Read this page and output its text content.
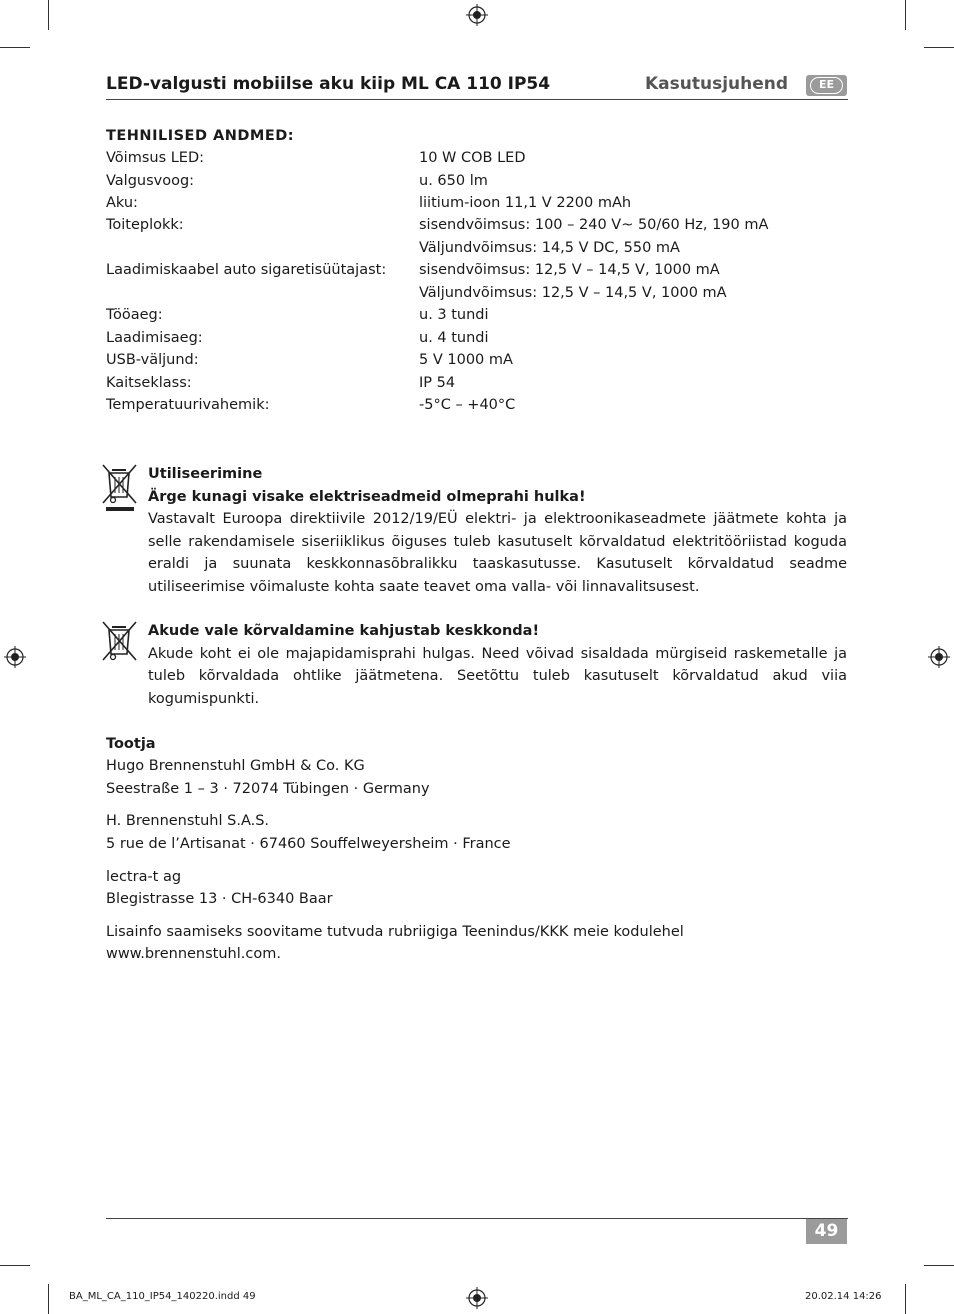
LED-valgusti mobiilse aku kiip ML CA 110 IP54	Kasutusjuhend	EE
TEHNILISED ANDMED:
Võimsus LED:	10 W COB LED
Valgusvoog:	u. 650 lm
Aku:	liitium-ioon 11,1 V 2200 mAh
Toiteplokk:	sisendvõimsus: 100 – 240 V~ 50/60 Hz, 190 mA
Väljundvõimsus: 14,5 V DC, 550 mA
Laadimiskaabel auto sigaretisüütajast: sisendvõimsus: 12,5 V – 14,5 V, 1000 mA
Väljundvõimsus: 12,5 V – 14,5 V, 1000 mA
Tööaeg:	u. 3 tundi
Laadimisaeg:	u. 4 tundi
USB-väljund:	5 V 1000 mA
Kaitseklass:	IP 54
Temperatuurivahemik:	-5°C – +40°C
Utiliseerimine
Ärge kunagi visake elektriseadmeid olmeprahi hulka!

Vastavalt Euroopa direktiivile 2012/19/EÜ elektri- ja elektroonikaseadmete jäätmete kohta ja selle rakendamisele siseriiklikus õiguses tuleb kasutuselt kõrvaldatud elektritööriistad koguda eraldi ja suunata keskkonnasõbralikku taaskasutusse. Kasutuselt kõrvaldatud seadme utiliseerimise võimaluste kohta saate teavet oma valla- või linnavalitsusest.

Akude vale kõrvaldamine kahjustab keskkonda!

Akude koht ei ole majapidamisprahi hulgas. Need võivad sisaldada mürgiseid raskemetalle ja tuleb kõrvaldada ohtlike jäätmetena. Seetõttu tuleb kasutuselt kõrvaldatud akud viia kogumispunkti.

Tootja
Hugo Brennenstuhl GmbH & Co. KG
Seestraße 1 – 3 · 72074 Tübingen · Germany
H. Brennenstuhl S.A.S.
5 rue de l’Artisanat · 67460 Souffelweyersheim · France
lectra-t ag
Blegistrasse 13 · CH-6340 Baar
Lisainfo saamiseks soovitame tutvuda rubriigiga Teenindus/KKK meie kodulehel
www.brennenstuhl.com.
49
BA_ML_CA_110_IP54_140220.indd 49	20.02.14 14:26
